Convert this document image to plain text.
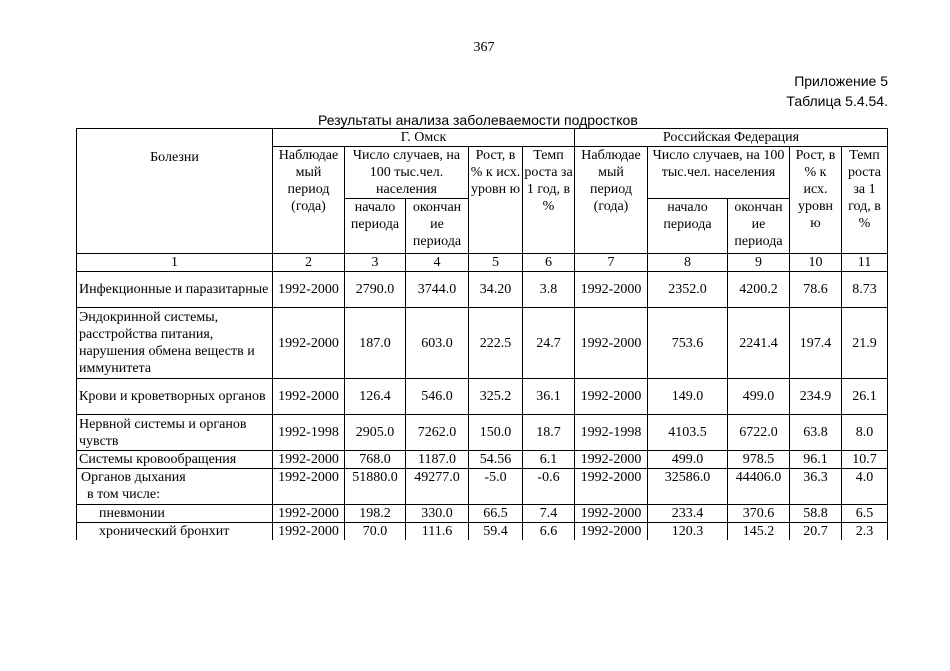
367
Приложение 5
Таблица 5.4.54.
Результаты анализа заболеваемости подростков
Болезни	Г. Омск					Российская Федерация				
	Наблюдае мый период (года)	Число случаев, на 100 тыс.чел. населения		Рост, в % к исх. уровн ю	Темп роста за 1 год, в %	Наблюдае мый период (года)	Число случаев, на 100 тыс.чел. населения		Рост, в % к исх. уровн ю	Темп роста за 1 год, в %
		начало периода	окончан ие периода				начало периода	окончан ие периода		
1	2	3	4	5	6	7	8	9	10	11
Инфекционные и паразитарные	1992-2000	2790.0	3744.0	34.20	3.8	1992-2000	2352.0	4200.2	78.6	8.73
Эндокринной системы, расстройства питания, нарушения обмена веществ и иммунитета	1992-2000	187.0	603.0	222.5	24.7	1992-2000	753.6	2241.4	197.4	21.9
Крови и кроветворных органов	1992-2000	126.4	546.0	325.2	36.1	1992-2000	149.0	499.0	234.9	26.1
Нервной системы и органов чувств	1992-1998	2905.0	7262.0	150.0	18.7	1992-1998	4103.5	6722.0	63.8	8.0
Системы кровообращения	1992-2000	768.0	1187.0	54.56	6.1	1992-2000	499.0	978.5	96.1	10.7

Органов дыхания
в том числе:	1992-2000	51880.0	49277.0	-5.0	-0.6	1992-2000	32586.0	44406.0	36.3	4.0
пневмонии	1992-2000	198.2	330.0	66.5	7.4	1992-2000	233.4	370.6	58.8	6.5
хронический бронхит	1992-2000	70.0	111.6	59.4	6.6	1992-2000	120.3	145.2	20.7	2.3
